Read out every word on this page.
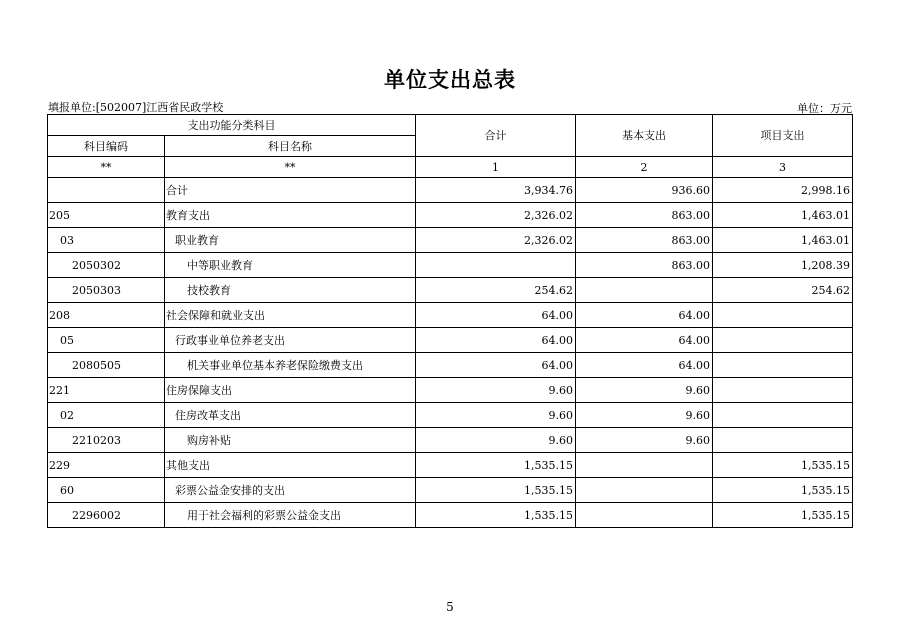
单位支出总表
填报单位:[502007]江西省民政学校	单位：万元
支出功能分类科目		合计	基本支出	项目支出
科目编码	科目名称			
**	**	1	2	3
	合计	3,934.76	936.60	2,998.16
205	教育支出	2,326.02	863.00	1,463.01
03	职业教育	2,326.02	863.00	1,463.01
2050302	中等职业教育		863.00	1,208.39
2050303	技校教育	254.62		254.62
208	社会保障和就业支出	64.00	64.00	
05	行政事业单位养老支出	64.00	64.00	
2080505	机关事业单位基本养老保险缴费支出	64.00	64.00	
221	住房保障支出	9.60	9.60	
02	住房改革支出	9.60	9.60	
2210203	购房补贴	9.60	9.60	
229	其他支出	1,535.15		1,535.15
60	彩票公益金安排的支出	1,535.15		1,535.15
2296002	用于社会福利的彩票公益金支出	1,535.15		1,535.15
5
